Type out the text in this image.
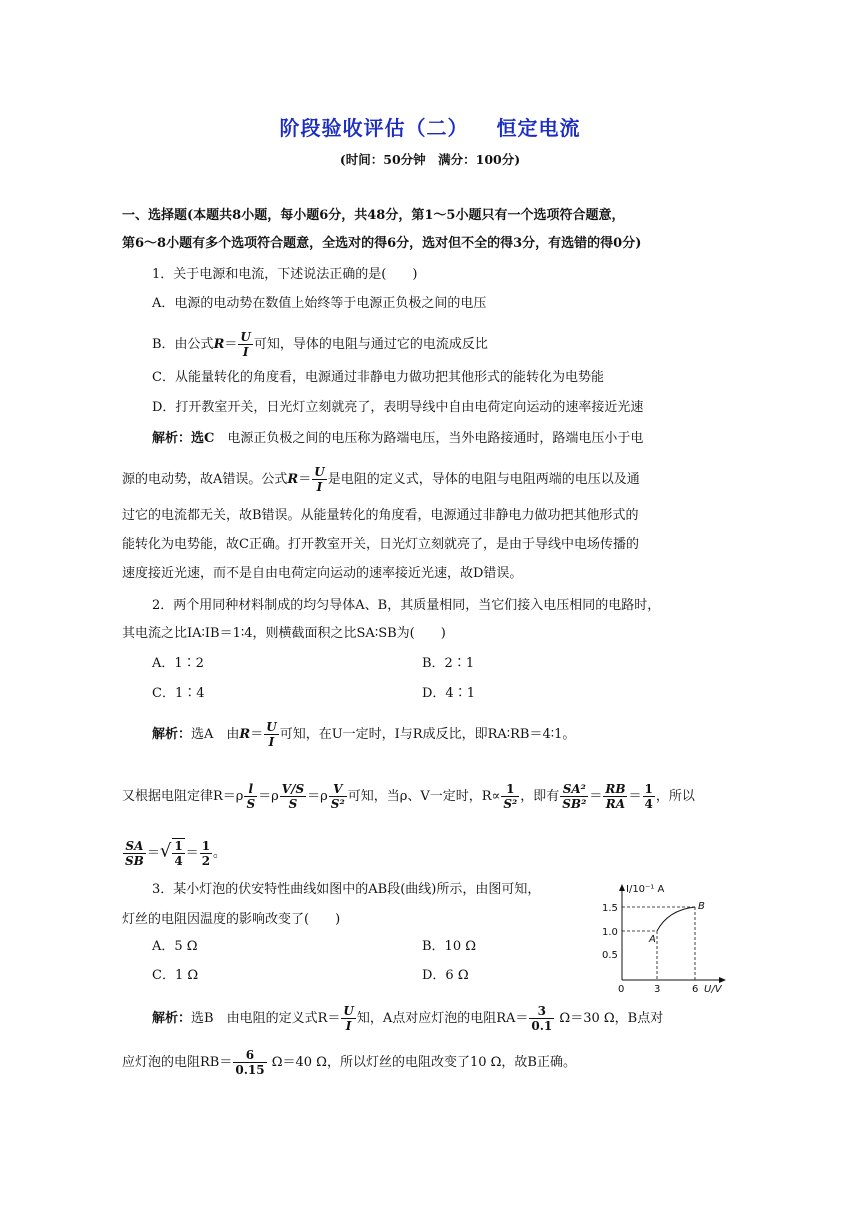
阶段验收评估（二） 恒定电流
(时间：50分钟　满分：100分)
一、选择题(本题共8小题，每小题6分，共48分，第1～5小题只有一个选项符合题意，
第6～8小题有多个选项符合题意，全选对的得6分，选对但不全的得3分，有选错的得0分)
1．关于电源和电流，下述说法正确的是(　　)
A．电源的电动势在数值上始终等于电源正负极之间的电压
B．由公式$R= \frac{U}{I}$ 可知，导体的电阻与通过它的电流成反比
C．从能量转化的角度看，电源通过非静电力做功把其他形式的能转化为电势能
D．打开教室开关，日光灯立刻就亮了，表明导线中自由电荷定向运动的速率接近光速
解析：选C　电源正负极之间的电压称为路端电压，当外电路接通时，路端电压小于电
源的电动势，故A错误。公式$R= \frac{U}{I}$ 是电阻的定义式，导体的电阻与电阻两端的电压以及通
过它的电流都无关，故B错误。从能量转化的角度看，电源通过非静电力做功把其他形式的
能转化为电势能，故C正确。打开教室开关，日光灯立刻就亮了，是由于导线中电场传播的
速度接近光速，而不是自由电荷定向运动的速率接近光速，故D错误。
2．两个用同种材料制成的均匀导体A、B，其质量相同，当它们接入电压相同的电路时，
其电流之比IA∶IB＝1∶4，则横截面积之比SA∶SB为(　　)
A．1∶2	B．2∶1
C．1∶4	D．4∶1
解析：选A　由$R= \frac{U}{I}$ 可知，在U一定时，I与R成反比，即RA∶RB＝4∶1。
又根据电阻定律$R=\rho \frac{l}{S} =\rho \frac{V/S}{S} =\rho \frac{V}{\text{S²}}$ 可知，当ρ、V一定时，$R\propto \frac{1}{\text{S²}}$ ，即有 $\frac{\text{SA²}}{\text{SB²}} = \frac{RB}{RA} = \frac{1}{4}$ ，所以
$\frac{SA}{SB}$ ＝√ $\frac{1}{4} = \frac{1}{2}$ 。
3．某小灯泡的伏安特性曲线如图中的AB段(曲线)所示，由图可知，
灯丝的电阻因温度的影响改变了(　　)
A．5 Ω	B．10 Ω
C．1 Ω	D．6 Ω
解析：选B　由电阻的定义式$R= \frac{U}{I}$ 知，A点对应灯泡的电阻$RA= \frac{3}{0.1} \Omega=30$ Ω，B点对
应灯泡的电阻$RB= \frac{6}{0.15} \Omega=40$ Ω，所以灯丝的电阻改变了10 Ω，故B正确。
I/10⁻¹ A
U/V
1.5
1.0
0.5
0	3	6
A
B
